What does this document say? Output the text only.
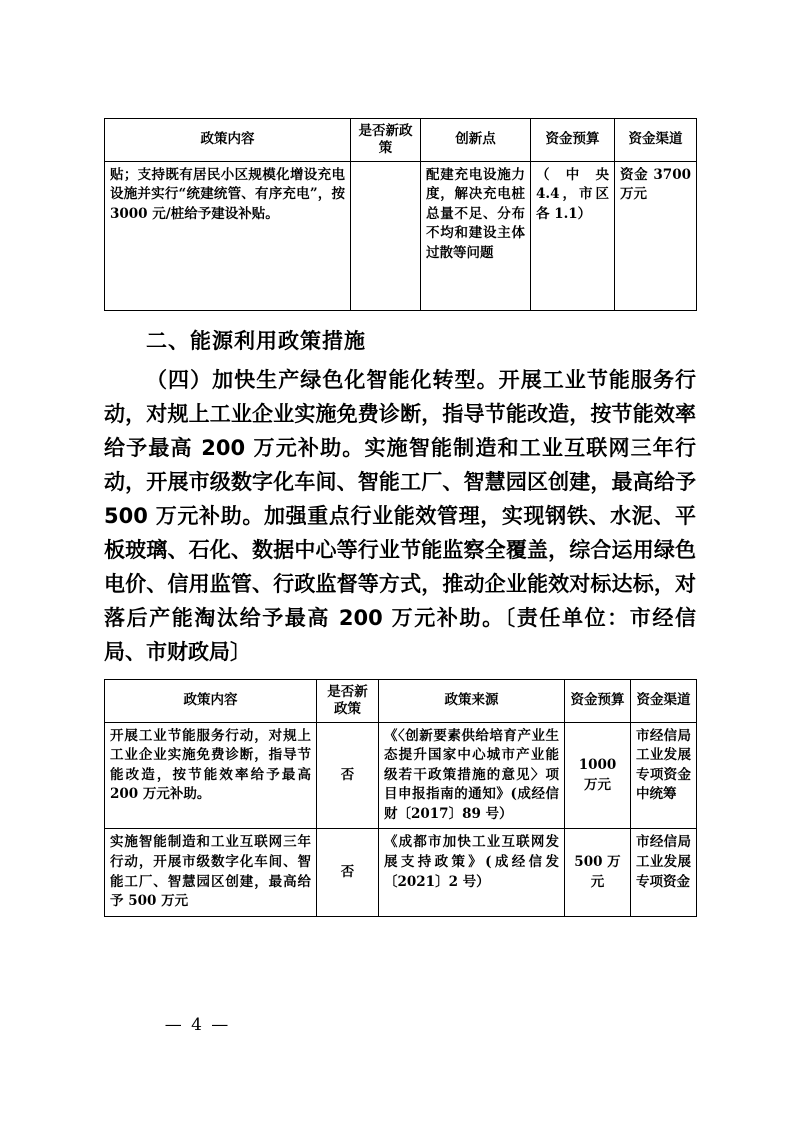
政策内容	是否新政策	创新点	资金预算	资金渠道
贴；支持既有居民小区规模化增设充电设施并实行“统建统管、有序充电”，按 3000 元/桩给予建设补贴。		配建充电设施力度，解决充电桩总量不足、分布不均和建设主体过散等问题	（中央 4.4，市区各 1.1）	资金 3700 万元
二、能源利用政策措施
（四）加快生产绿色化智能化转型。开展工业节能服务行动，对规上工业企业实施免费诊断，指导节能改造，按节能效率给予最高 200 万元补助。实施智能制造和工业互联网三年行动，开展市级数字化车间、智能工厂、智慧园区创建，最高给予 500 万元补助。加强重点行业能效管理，实现钢铁、水泥、平板玻璃、石化、数据中心等行业节能监察全覆盖，综合运用绿色电价、信用监管、行政监督等方式，推动企业能效对标达标，对落后产能淘汰给予最高 200 万元补助。〔责任单位：市经信局、市财政局〕
政策内容	是否新政策	政策来源	资金预算	资金渠道
开展工业节能服务行动，对规上工业企业实施免费诊断，指导节能改造，按节能效率给予最高 200 万元补助。	否	《〈创新要素供给培育产业生态提升国家中心城市产业能级若干政策措施的意见〉项目申报指南的通知》(成经信财〔2017〕89 号）	1000 万元	市经信局工业发展专项资金中统筹
实施智能制造和工业互联网三年行动，开展市级数字化车间、智能工厂、智慧园区创建，最高给予 500 万元	否	《成都市加快工业互联网发展支持政策》(成经信发〔2021〕2 号）	500 万元	市经信局工业发展专项资金
— 4 —
